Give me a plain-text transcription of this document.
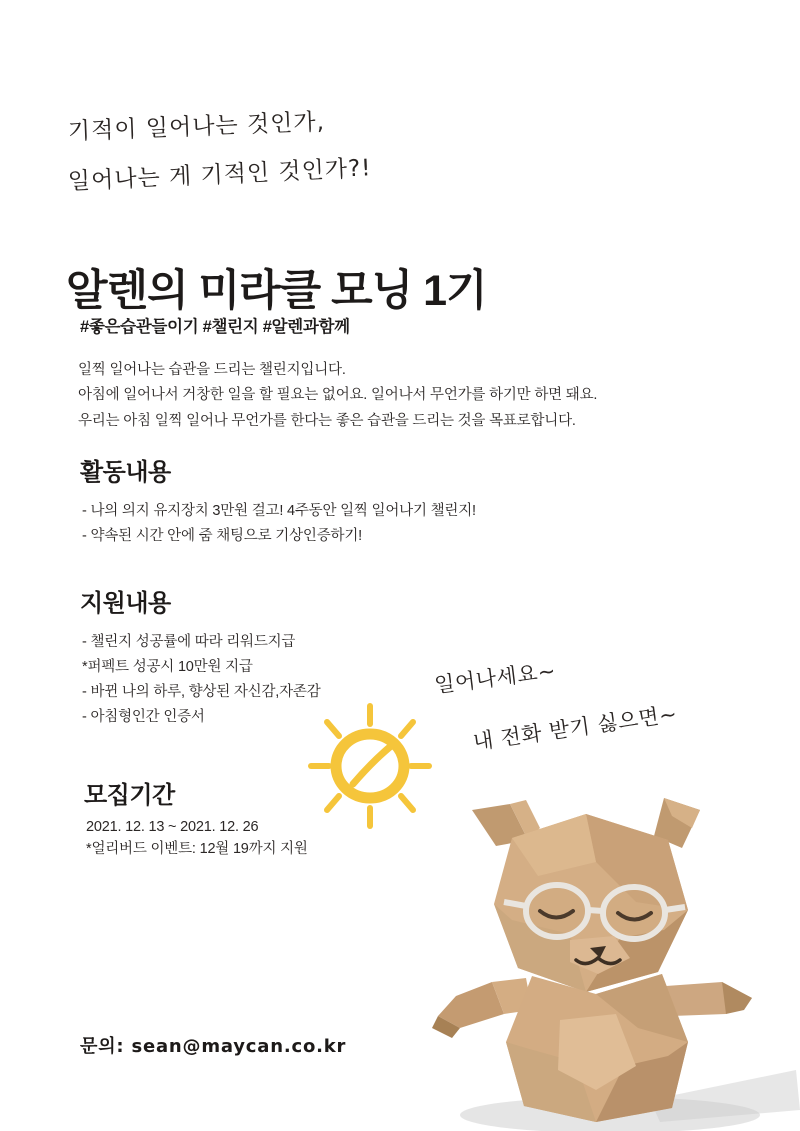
기적이 일어나는 것인가,
일어나는 게 기적인 것인가?!
알렌의 미라클 모닝 1기
#좋은습관들이기 #챌린지 #알렌과함께
일찍 일어나는 습관을 드리는 챌린지입니다.
아침에 일어나서 거창한 일을 할 필요는 없어요. 일어나서 무언가를 하기만 하면 돼요.
우리는 아침 일찍 일어나 무언가를 한다는 좋은 습관을 드리는 것을 목표로합니다.
활동내용
- 나의 의지 유지장치 3만원 걸고! 4주동안 일찍 일어나기 챌린지!
- 약속된 시간 안에 줌 채팅으로 기상인증하기!
지원내용
- 챌린지 성공률에 따라 리워드지급
*퍼펙트 성공시 10만원 지급
- 바뀐 나의 하루, 향상된 자신감,자존감
- 아침형인간 인증서
모집기간
2021. 12. 13 ~ 2021. 12. 26
*얼리버드 이벤트: 12월 19까지 지원
일어나세요~
내 전화 받기 싫으면~
문의: sean@maycan.co.kr
